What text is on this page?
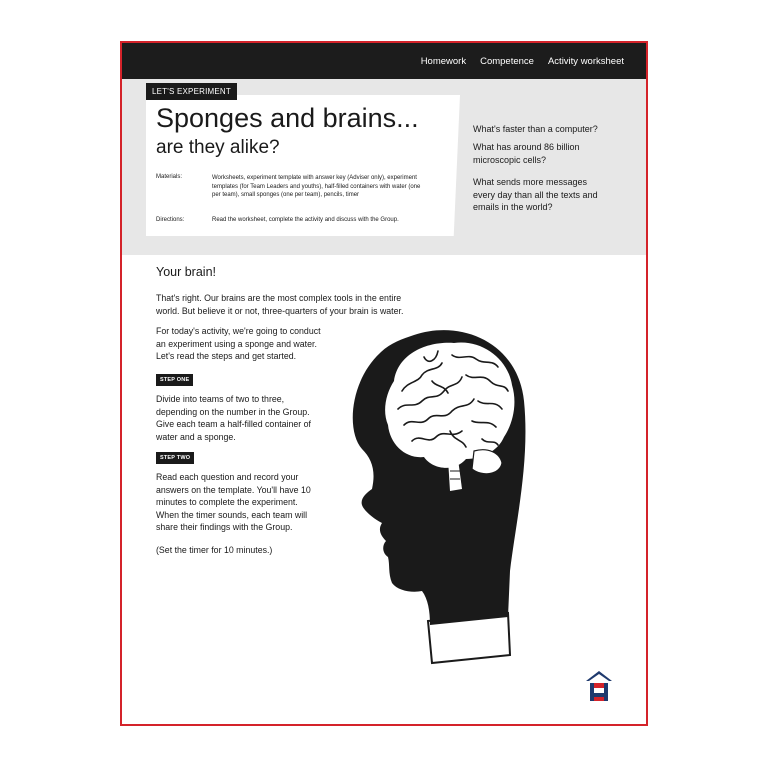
Homework Competence Activity worksheet
LET'S EXPERIMENT
Sponges and brains...
are they alike?
Materials:	Worksheets, experiment template with answer key (Adviser only), experiment templates (for Team Leaders and youths), half-filled containers with water (one per team), small sponges (one per team), pencils, timer
Directions:	Read the worksheet, complete the activity and discuss with the Group.
What's faster than a computer?
What has around 86 billion microscopic cells?
What sends more messages every day than all the texts and emails in the world?
Your brain!
That's right. Our brains are the most complex tools in the entire world. But believe it or not, three-quarters of your brain is water.
For today's activity, we're going to conduct an experiment using a sponge and water. Let's read the steps and get started.
STEP ONE
Divide into teams of two to three, depending on the number in the Group. Give each team a half-filled container of water and a sponge.
STEP TWO
Read each question and record your answers on the template. You'll have 10 minutes to complete the experiment. When the timer sounds, each team will share their findings with the Group.
(Set the timer for 10 minutes.)
